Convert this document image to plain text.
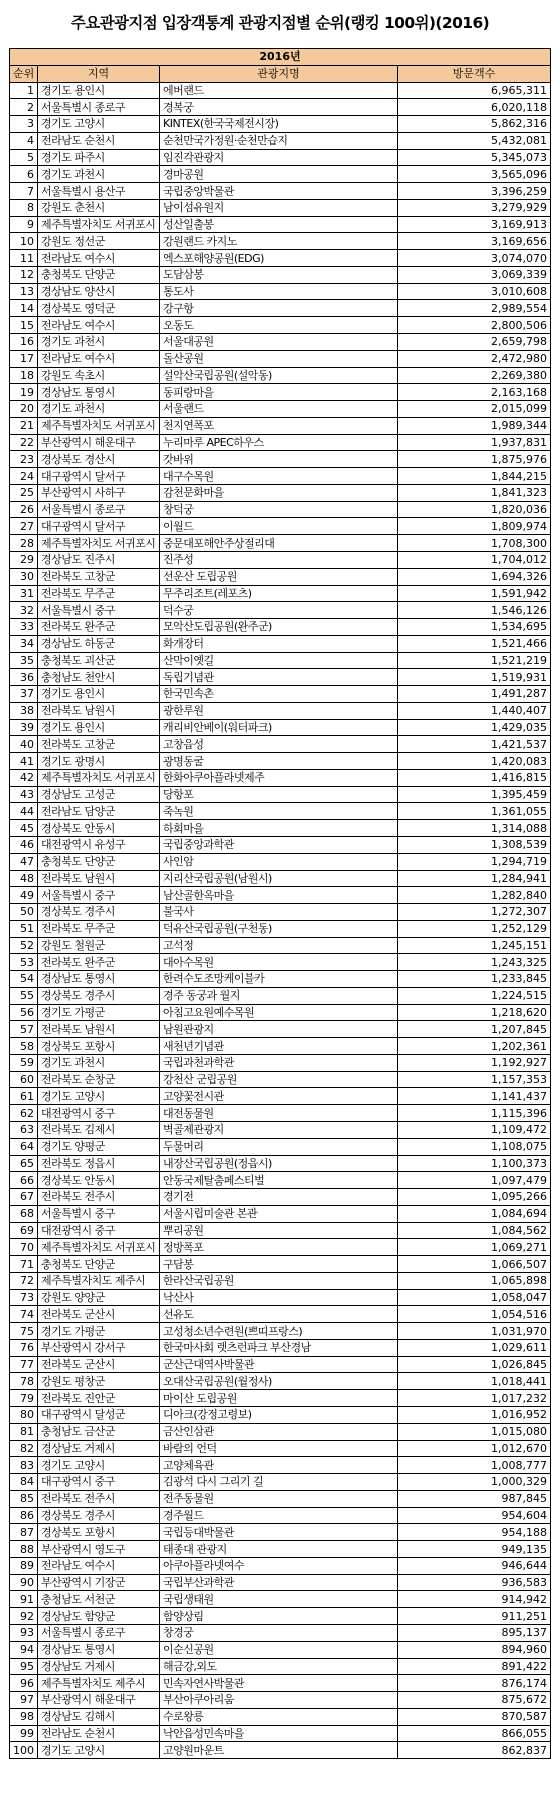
주요관광지점 입장객통계 관광지점별 순위(랭킹 100위)(2016)
2016년			
순위	지역	관광지명	방문객수
1	경기도 용인시	에버랜드	6,965,311
2	서울특별시 종로구	경복궁	6,020,118
3	경기도 고양시	KINTEX(한국국제전시장)	5,862,316
4	전라남도 순천시	순천만국가정원·순천만습지	5,432,081
5	경기도 파주시	임진각관광지	5,345,073
6	경기도 과천시	경마공원	3,565,096
7	서울특별시 용산구	국립중앙박물관	3,396,259
8	강원도 춘천시	남이섬유원지	3,279,929
9	제주특별자치도 서귀포시	성산일출봉	3,169,913
10	강원도 정선군	강원랜드 카지노	3,169,656
11	전라남도 여수시	엑스포해양공원(EDG)	3,074,070
12	충청북도 단양군	도담삼봉	3,069,339
13	경상남도 양산시	통도사	3,010,608
14	경상북도 영덕군	강구항	2,989,554
15	전라남도 여수시	오동도	2,800,506
16	경기도 과천시	서울대공원	2,659,798
17	전라남도 여수시	돌산공원	2,472,980
18	강원도 속초시	설악산국립공원(설악동)	2,269,380
19	경상남도 통영시	동피랑마을	2,163,168
20	경기도 과천시	서울랜드	2,015,099
21	제주특별자치도 서귀포시	천지연폭포	1,989,344
22	부산광역시 해운대구	누리마루 APEC하우스	1,937,831
23	경상북도 경산시	갓바위	1,875,976
24	대구광역시 달서구	대구수목원	1,844,215
25	부산광역시 사하구	감천문화마을	1,841,323
26	서울특별시 종로구	창덕궁	1,820,036
27	대구광역시 달서구	이월드	1,809,974
28	제주특별자치도 서귀포시	중문대포해안주상절리대	1,708,300
29	경상남도 진주시	진주성	1,704,012
30	전라북도 고창군	선운산 도립공원	1,694,326
31	전라북도 무주군	무주리조트(레포츠)	1,591,942
32	서울특별시 중구	덕수궁	1,546,126
33	전라북도 완주군	모악산도립공원(완주군)	1,534,695
34	경상남도 하동군	화개장터	1,521,466
35	충청북도 괴산군	산막이옛길	1,521,219
36	충청남도 천안시	독립기념관	1,519,931
37	경기도 용인시	한국민속촌	1,491,287
38	전라북도 남원시	광한루원	1,440,407
39	경기도 용인시	캐리비안베이(워터파크)	1,429,035
40	전라북도 고창군	고창읍성	1,421,537
41	경기도 광명시	광명동굴	1,420,083
42	제주특별자치도 서귀포시	한화아쿠아플라넷제주	1,416,815
43	경상남도 고성군	당항포	1,395,459
44	전라남도 담양군	죽녹원	1,361,055
45	경상북도 안동시	하회마을	1,314,088
46	대전광역시 유성구	국립중앙과학관	1,308,539
47	충청북도 단양군	사인암	1,294,719
48	전라북도 남원시	지리산국립공원(남원시)	1,284,941
49	서울특별시 중구	남산골한옥마을	1,282,840
50	경상북도 경주시	불국사	1,272,307
51	전라북도 무주군	덕유산국립공원(구천동)	1,252,129
52	강원도 철원군	고석정	1,245,151
53	전라북도 완주군	대아수목원	1,243,325
54	경상남도 통영시	한려수도조망케이블카	1,233,845
55	경상북도 경주시	경주 동궁과 월지	1,224,515
56	경기도 가평군	아침고요원예수목원	1,218,620
57	전라북도 남원시	남원관광지	1,207,845
58	경상북도 포항시	새천년기념관	1,202,361
59	경기도 과천시	국립과천과학관	1,192,927
60	전라북도 순창군	강천산 군립공원	1,157,353
61	경기도 고양시	고양꽃전시관	1,141,437
62	대전광역시 중구	대전동물원	1,115,396
63	전라북도 김제시	벽골제관광지	1,109,472
64	경기도 양평군	두물머리	1,108,075
65	전라북도 정읍시	내장산국립공원(정읍시)	1,100,373
66	경상북도 안동시	안동국제탈춤페스티벌	1,097,479
67	전라북도 전주시	경기전	1,095,266
68	서울특별시 중구	서울시립미술관 본관	1,084,694
69	대전광역시 중구	뿌리공원	1,084,562
70	제주특별자치도 서귀포시	정방폭포	1,069,271
71	충청북도 단양군	구담봉	1,066,507
72	제주특별자치도 제주시	한라산국립공원	1,065,898
73	강원도 양양군	낙산사	1,058,047
74	전라북도 군산시	선유도	1,054,516
75	경기도 가평군	고성청소년수련원(쁘띠프랑스)	1,031,970
76	부산광역시 강서구	한국마사회 렛츠런파크 부산경남	1,029,611
77	전라북도 군산시	군산근대역사박물관	1,026,845
78	강원도 평창군	오대산국립공원(월정사)	1,018,441
79	전라북도 진안군	마이산 도립공원	1,017,232
80	대구광역시 달성군	디아크(강정고령보)	1,016,952
81	충청남도 금산군	금산인삼관	1,015,080
82	경상남도 거제시	바람의 언덕	1,012,670
83	경기도 고양시	고양체육관	1,008,777
84	대구광역시 중구	김광석 다시 그리기 길	1,000,329
85	전라북도 전주시	전주동물원	987,845
86	경상북도 경주시	경주월드	954,604
87	경상북도 포항시	국립등대박물관	954,188
88	부산광역시 영도구	태종대 관광지	949,135
89	전라남도 여수시	아쿠아플라넷여수	946,644
90	부산광역시 기장군	국립부산과학관	936,583
91	충청남도 서천군	국립생태원	914,942
92	경상남도 함양군	함양상림	911,251
93	서울특별시 종로구	창경궁	895,137
94	경상남도 통영시	이순신공원	894,960
95	경상남도 거제시	해금강,외도	891,422
96	제주특별자치도 제주시	민속자연사박물관	876,174
97	부산광역시 해운대구	부산아쿠아리움	875,672
98	경상남도 김해시	수로왕릉	870,587
99	전라남도 순천시	낙안읍성민속마을	866,055
100	경기도 고양시	고양원마운트	862,837
